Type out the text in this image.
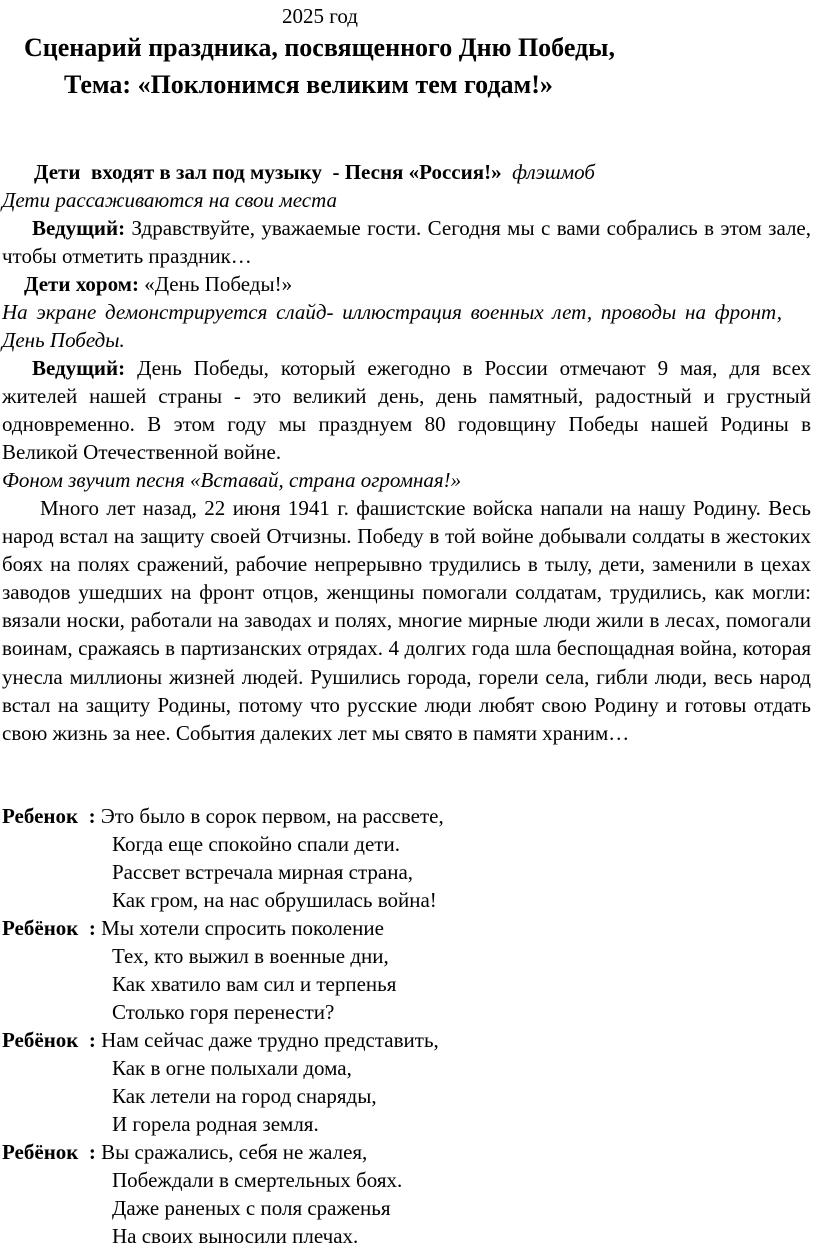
2025 год
Сценарий праздника, посвященного Дню Победы,
Тема: «Поклонимся великим тем годам!»
Дети  входят в зал под музыку  - Песня «Россия!» флэшмоб
Дети рассаживаются на свои места
Ведущий: Здравствуйте, уважаемые гости. Сегодня мы с вами собрались в этом зале, чтобы отметить праздник…
Дети хором: «День Победы!»
На экране демонстрируется слайд- иллюстрация военных лет, проводы на фронт, День Победы.
Ведущий: День Победы, который ежегодно в России отмечают 9 мая, для всех жителей нашей страны - это великий день, день памятный, радостный и грустный одновременно. В этом году мы празднуем 80 годовщину Победы нашей Родины в Великой Отечественной войне.
Фоном звучит песня «Вставай, страна огромная!»
Много лет назад, 22 июня 1941 г. фашистские войска напали на нашу Родину. Весь народ встал на защиту своей Отчизны. Победу в той войне добывали солдаты в жестоких боях на полях сражений, рабочие непрерывно трудились в тылу, дети, заменили в цехах заводов ушедших на фронт отцов, женщины помогали солдатам, трудились, как могли: вязали носки, работали на заводах и полях, многие мирные люди жили в лесах, помогали воинам, сражаясь в партизанских отрядах. 4 долгих года шла беспощадная война, которая унесла миллионы жизней людей. Рушились города, горели села, гибли люди, весь народ встал на защиту Родины, потому что русские люди любят свою Родину и готовы отдать свою жизнь за нее. События далеких лет мы свято в памяти храним…
Ребенок  : Это было в сорок первом, на рассвете,
Когда еще спокойно спали дети.
Рассвет встречала мирная страна,
Как гром, на нас обрушилась война!
Ребёнок  : Мы хотели спросить поколение
Тех, кто выжил в военные дни,
Как хватило вам сил и терпенья
Столько горя перенести?
Ребёнок  : Нам сейчас даже трудно представить,
Как в огне полыхали дома,
Как летели на город снаряды,
И горела родная земля.
Ребёнок  : Вы сражались, себя не жалея,
Побеждали в смертельных боях.
Даже раненых с поля сраженья
На своих выносили плечах.
